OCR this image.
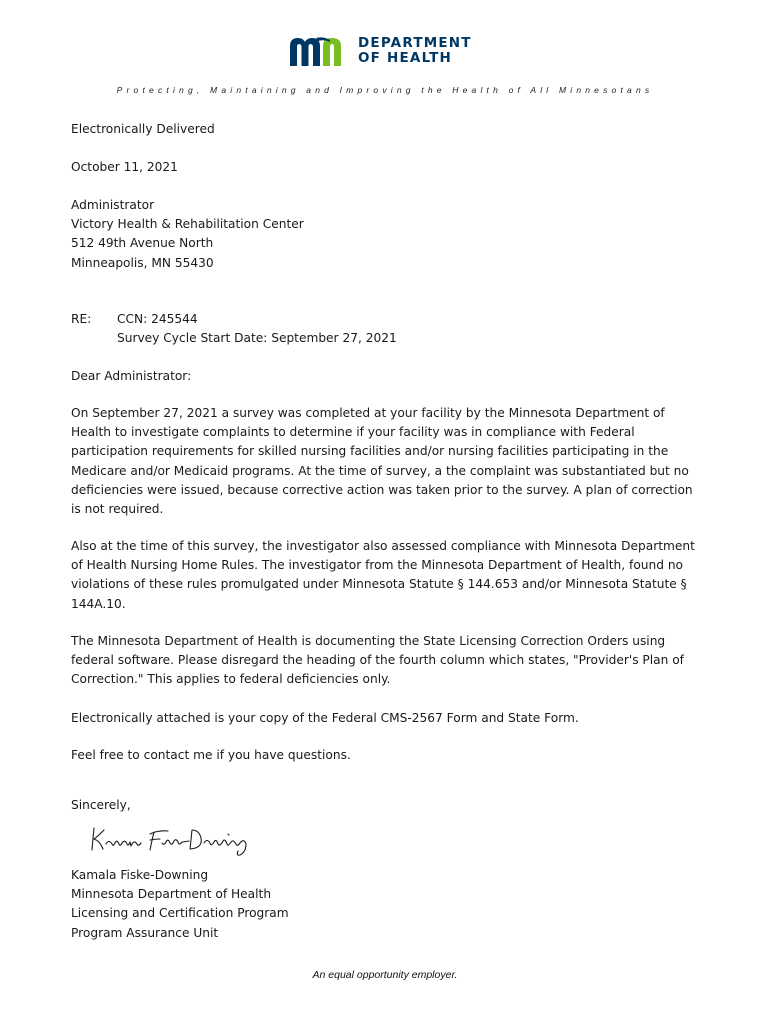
DEPARTMENT
OF HEALTH
Protecting, Maintaining and Improving the Health of All Minnesotans
Electronically Delivered
October 11, 2021
Administrator
Victory Health & Rehabilitation Center
512 49th Avenue North
Minneapolis, MN 55430
RE: CCN: 245544
Survey Cycle Start Date: September 27, 2021
Dear Administrator:
On September 27, 2021 a survey was completed at your facility by the Minnesota Department of
Health to investigate complaints to determine if your facility was in compliance with Federal
participation requirements for skilled nursing facilities and/or nursing facilities participating in the
Medicare and/or Medicaid programs. At the time of survey, a the complaint was substantiated but no
deficiencies were issued, because corrective action was taken prior to the survey. A plan of correction
is not required.
Also at the time of this survey, the investigator also assessed compliance with Minnesota Department
of Health Nursing Home Rules. The investigator from the Minnesota Department of Health, found no
violations of these rules promulgated under Minnesota Statute § 144.653 and/or Minnesota Statute §
144A.10.
The Minnesota Department of Health is documenting the State Licensing Correction Orders using
federal software. Please disregard the heading of the fourth column which states, "Provider's Plan of
Correction." This applies to federal deficiencies only.
Electronically attached is your copy of the Federal CMS-2567 Form and State Form.
Feel free to contact me if you have questions.
Sincerely,
Kamala Fiske-Downing
Minnesota Department of Health
Licensing and Certification Program
Program Assurance Unit
An equal opportunity employer.
